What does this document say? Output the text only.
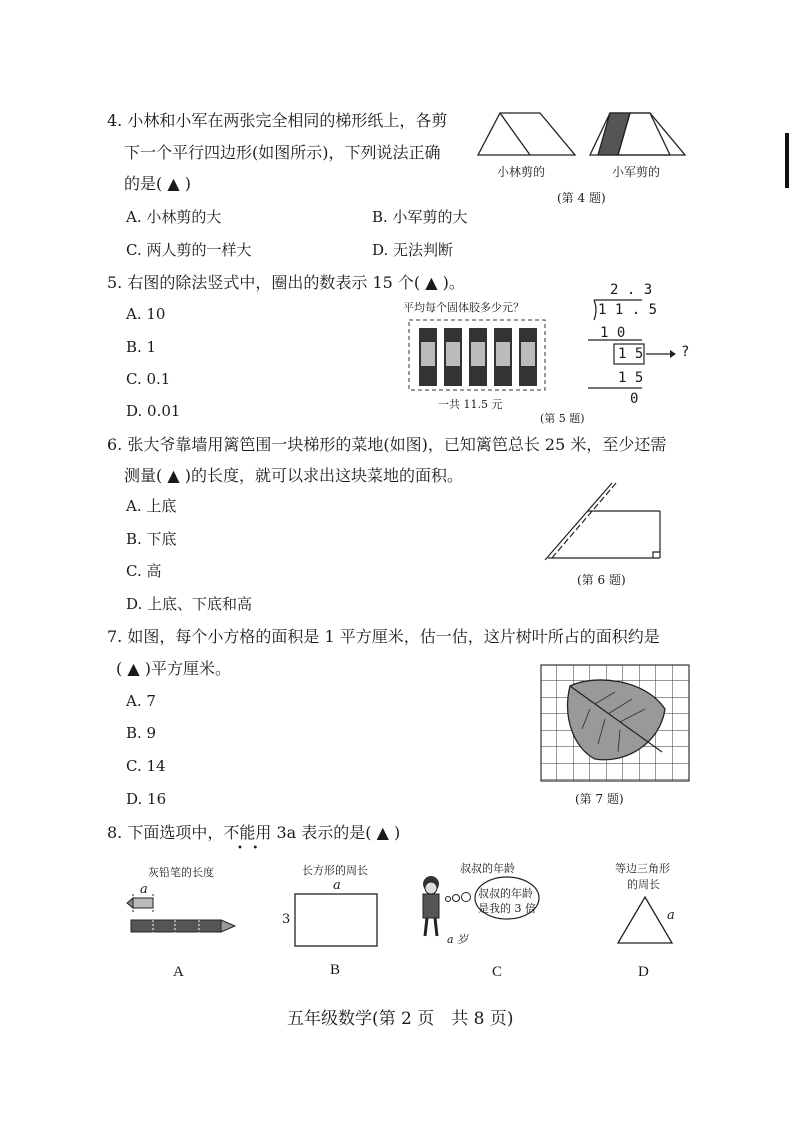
4. 小林和小军在两张完全相同的梯形纸上，各剪
下一个平行四边形(如图所示)，下列说法正确
的是( ▲ )
A. 小林剪的大	B. 小军剪的大
C. 两人剪的一样大	D. 无法判断
小林剪的	小军剪的
(第 4 题)
5. 右图的除法竖式中，圈出的数表示 15 个( ▲ )。
A. 10
B. 1
C. 0.1
D. 0.01
平均每个固体胶多少元？
一共 11.5 元
(第 5 题)
2 . 3
1 1 . 5
1 0
1 5	?
1 5
0
6. 张大爷靠墙用篱笆围一块梯形的菜地(如图)，已知篱笆总长 25 米，至少还需
测量( ▲ )的长度，就可以求出这块菜地的面积。
A. 上底
B. 下底
C. 高
D. 上底、下底和高
(第 6 题)
7. 如图，每个小方格的面积是 1 平方厘米，估一估，这片树叶所占的面积约是
( ▲ )平方厘米。
A. 7
B. 9
C. 14
D. 16	(第 7 题)
8. 下面选项中，不能用 3a 表示的是( ▲ )
•   •
灰铅笔的长度
a
A
长方形的周长
a
3
B
叔叔的年龄
叔叔的年龄
是我的 3 倍
a 岁
C
等边三角形
的周长
a
D
五年级数学(第 2 页　共 8 页)
